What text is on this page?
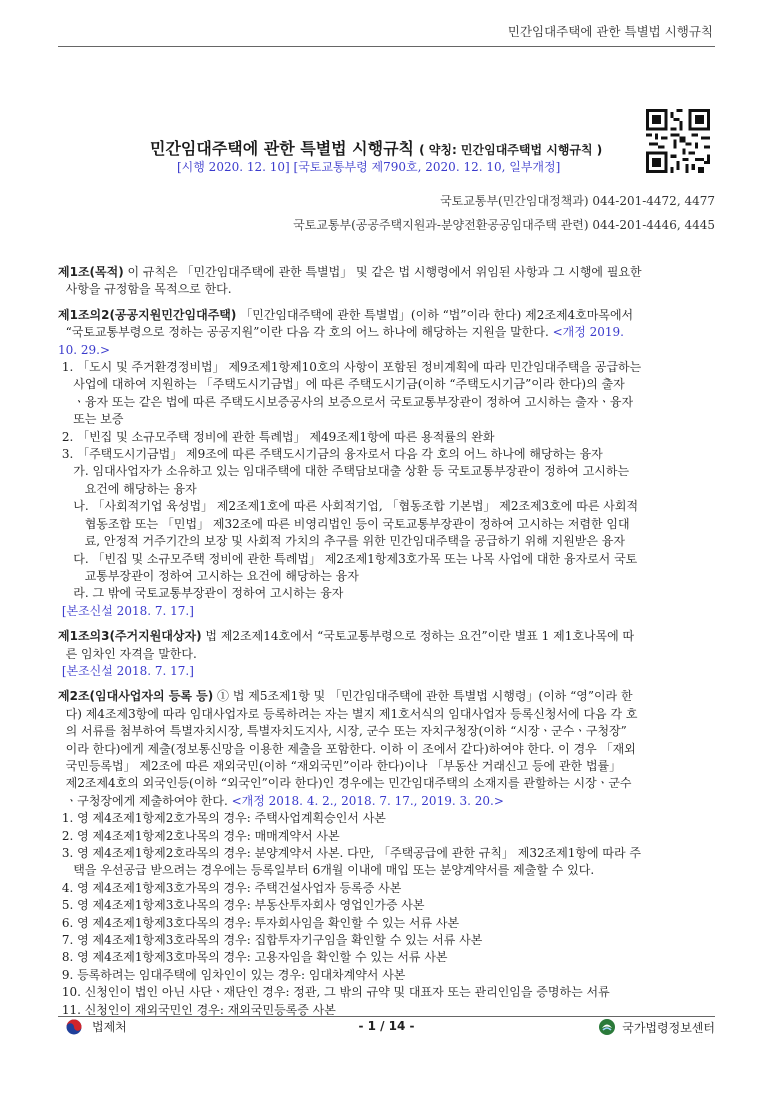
민간임대주택에 관한 특별법 시행규칙
민간임대주택에 관한 특별법 시행규칙 ( 약칭: 민간임대주택법 시행규칙 )
[시행 2020. 12. 10] [국토교통부령 제790호, 2020. 12. 10, 일부개정]
국토교통부(민간임대정책과) 044-201-4472, 4477
국토교통부(공공주택지원과-분양전환공공임대주택 관련) 044-201-4446, 4445
제1조(목적) 이 규칙은 「민간임대주택에 관한 특별법」 및 같은 법 시행령에서 위임된 사항과 그 시행에 필요한
사항을 규정함을 목적으로 한다.
제1조의2(공공지원민간임대주택) 「민간임대주택에 관한 특별법」(이하 “법”이라 한다) 제2조제4호마목에서
“국토교통부령으로 정하는 공공지원”이란 다음 각 호의 어느 하나에 해당하는 지원을 말한다. <개정 2019.
10. 29.>
1. 「도시 및 주거환경정비법」 제9조제1항제10호의 사항이 포함된 정비계획에 따라 민간임대주택을 공급하는
사업에 대하여 지원하는 「주택도시기금법」에 따른 주택도시기금(이하 “주택도시기금”이라 한다)의 출자
ㆍ융자 또는 같은 법에 따른 주택도시보증공사의 보증으로서 국토교통부장관이 정하여 고시하는 출자ㆍ융자
또는 보증
2. 「빈집 및 소규모주택 정비에 관한 특례법」 제49조제1항에 따른 용적률의 완화
3. 「주택도시기금법」 제9조에 따른 주택도시기금의 융자로서 다음 각 호의 어느 하나에 해당하는 융자
가. 임대사업자가 소유하고 있는 임대주택에 대한 주택담보대출 상환 등 국토교통부장관이 정하여 고시하는
요건에 해당하는 융자
나. 「사회적기업 육성법」 제2조제1호에 따른 사회적기업, 「협동조합 기본법」 제2조제3호에 따른 사회적
협동조합 또는 「민법」 제32조에 따른 비영리법인 등이 국토교통부장관이 정하여 고시하는 저렴한 임대
료, 안정적 거주기간의 보장 및 사회적 가치의 추구를 위한 민간임대주택을 공급하기 위해 지원받은 융자
다. 「빈집 및 소규모주택 정비에 관한 특례법」 제2조제1항제3호가목 또는 나목 사업에 대한 융자로서 국토
교통부장관이 정하여 고시하는 요건에 해당하는 융자
라. 그 밖에 국토교통부장관이 정하여 고시하는 융자
[본조신설 2018. 7. 17.]
제1조의3(주거지원대상자) 법 제2조제14호에서 “국토교통부령으로 정하는 요건”이란 별표 1 제1호나목에 따
른 임차인 자격을 말한다.
[본조신설 2018. 7. 17.]
제2조(임대사업자의 등록 등) ① 법 제5조제1항 및 「민간임대주택에 관한 특별법 시행령」(이하 “영”이라 한
다) 제4조제3항에 따라 임대사업자로 등록하려는 자는 별지 제1호서식의 임대사업자 등록신청서에 다음 각 호
의 서류를 첨부하여 특별자치시장, 특별자치도지사, 시장, 군수 또는 자치구청장(이하 “시장ㆍ군수ㆍ구청장”
이라 한다)에게 제출(정보통신망을 이용한 제출을 포함한다. 이하 이 조에서 같다)하여야 한다. 이 경우 「재외
국민등록법」 제2조에 따른 재외국민(이하 “재외국민”이라 한다)이나 「부동산 거래신고 등에 관한 법률」
제2조제4호의 외국인등(이하 “외국인”이라 한다)인 경우에는 민간임대주택의 소재지를 관할하는 시장ㆍ군수
ㆍ구청장에게 제출하여야 한다. <개정 2018. 4. 2., 2018. 7. 17., 2019. 3. 20.>
1. 영 제4조제1항제2호가목의 경우: 주택사업계획승인서 사본
2. 영 제4조제1항제2호나목의 경우: 매매계약서 사본
3. 영 제4조제1항제2호라목의 경우: 분양계약서 사본. 다만, 「주택공급에 관한 규칙」 제32조제1항에 따라 주
택을 우선공급 받으려는 경우에는 등록일부터 6개월 이내에 매입 또는 분양계약서를 제출할 수 있다.
4. 영 제4조제1항제3호가목의 경우: 주택건설사업자 등록증 사본
5. 영 제4조제1항제3호나목의 경우: 부동산투자회사 영업인가증 사본
6. 영 제4조제1항제3호다목의 경우: 투자회사임을 확인할 수 있는 서류 사본
7. 영 제4조제1항제3호라목의 경우: 집합투자기구임을 확인할 수 있는 서류 사본
8. 영 제4조제1항제3호마목의 경우: 고용자임을 확인할 수 있는 서류 사본
9. 등록하려는 임대주택에 임차인이 있는 경우: 임대차계약서 사본
10. 신청인이 법인 아닌 사단ㆍ재단인 경우: 정관, 그 밖의 규약 및 대표자 또는 관리인임을 증명하는 서류
11. 신청인이 재외국민인 경우: 재외국민등록증 사본
법제처	- 1 / 14 -	국가법령정보센터
